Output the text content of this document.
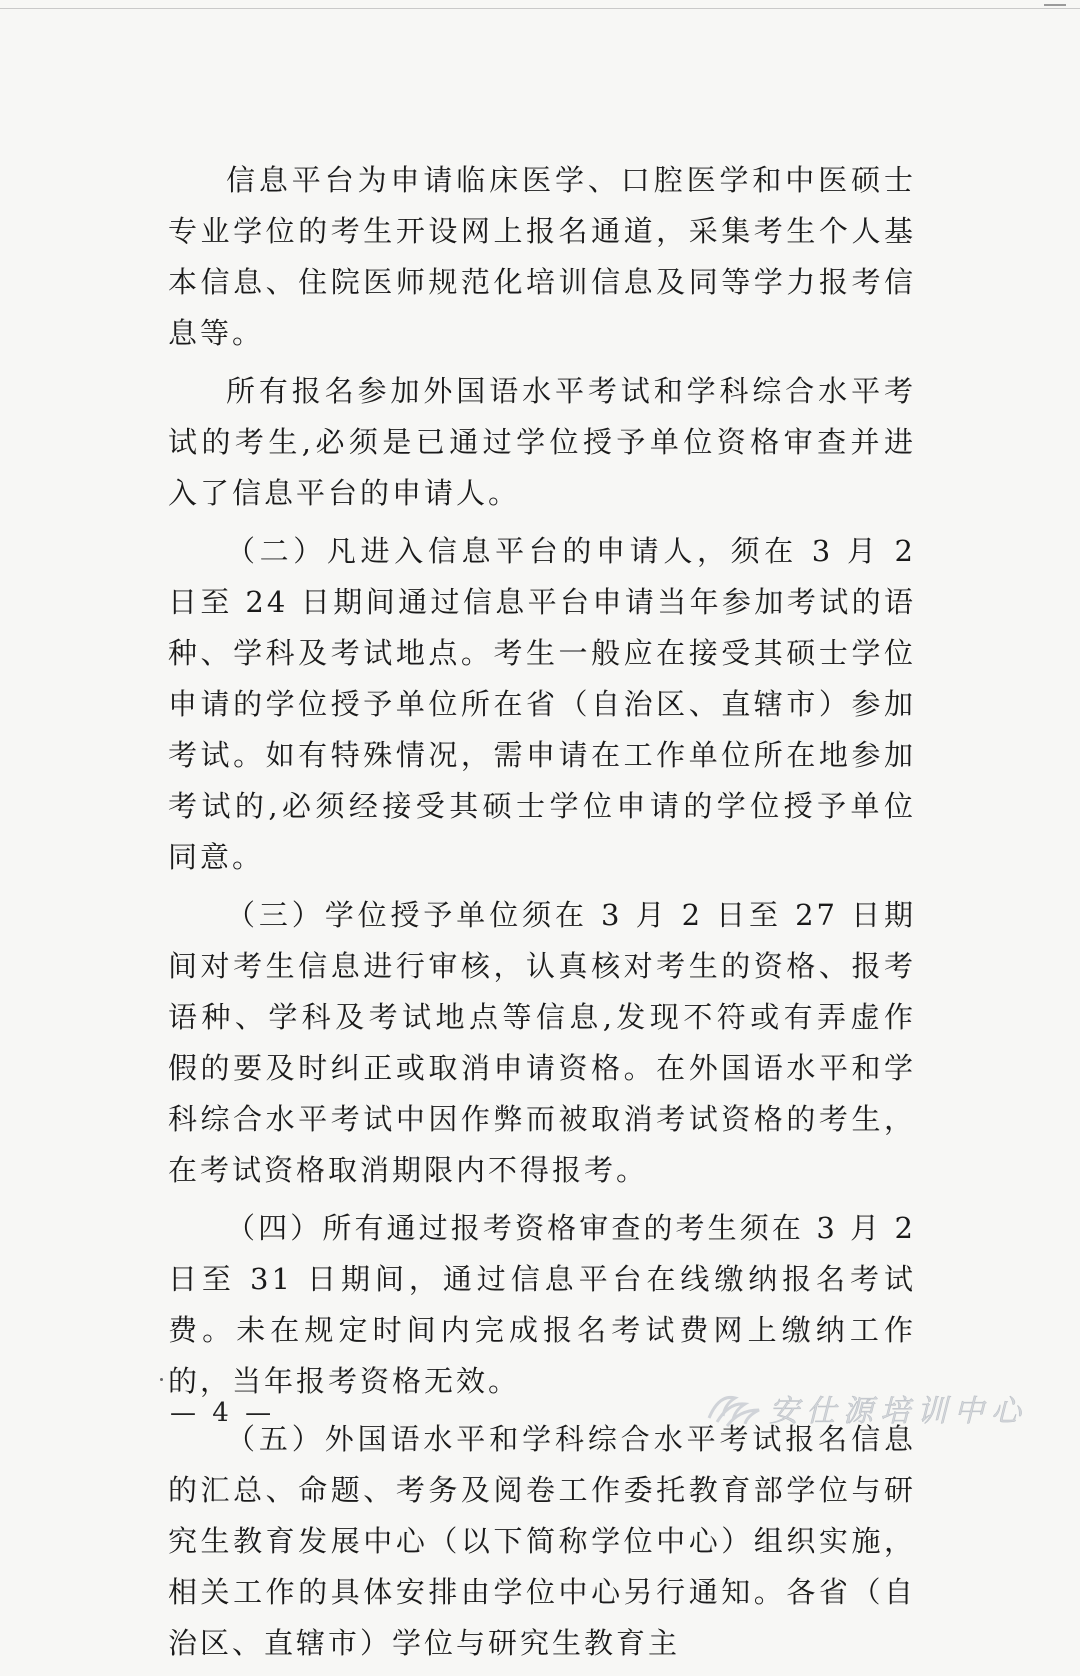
信息平台为申请临床医学、口腔医学和中医硕士专业学位的考生开设网上报名通道，采集考生个人基本信息、住院医师规范化培训信息及同等学力报考信息等。

所有报名参加外国语水平考试和学科综合水平考试的考生,必须是已通过学位授予单位资格审查并进入了信息平台的申请人。

（二）凡进入信息平台的申请人，须在 3 月 2 日至 24 日期间通过信息平台申请当年参加考试的语种、学科及考试地点。考生一般应在接受其硕士学位申请的学位授予单位所在省（自治区、直辖市）参加考试。如有特殊情况，需申请在工作单位所在地参加考试的,必须经接受其硕士学位申请的学位授予单位同意。

（三）学位授予单位须在 3 月 2 日至 27 日期间对考生信息进行审核，认真核对考生的资格、报考语种、学科及考试地点等信息,发现不符或有弄虚作假的要及时纠正或取消申请资格。在外国语水平和学科综合水平考试中因作弊而被取消考试资格的考生，在考试资格取消期限内不得报考。

（四）所有通过报考资格审查的考生须在 3 月 2 日至 31 日期间，通过信息平台在线缴纳报名考试费。未在规定时间内完成报名考试费网上缴纳工作的，当年报考资格无效。

（五）外国语水平和学科综合水平考试报名信息的汇总、命题、考务及阅卷工作委托教育部学位与研究生教育发展中心（以下简称学位中心）组织实施，相关工作的具体安排由学位中心另行通知。各省（自治区、直辖市）学位与研究生教育主

— 4 —	安仕源培训中心
